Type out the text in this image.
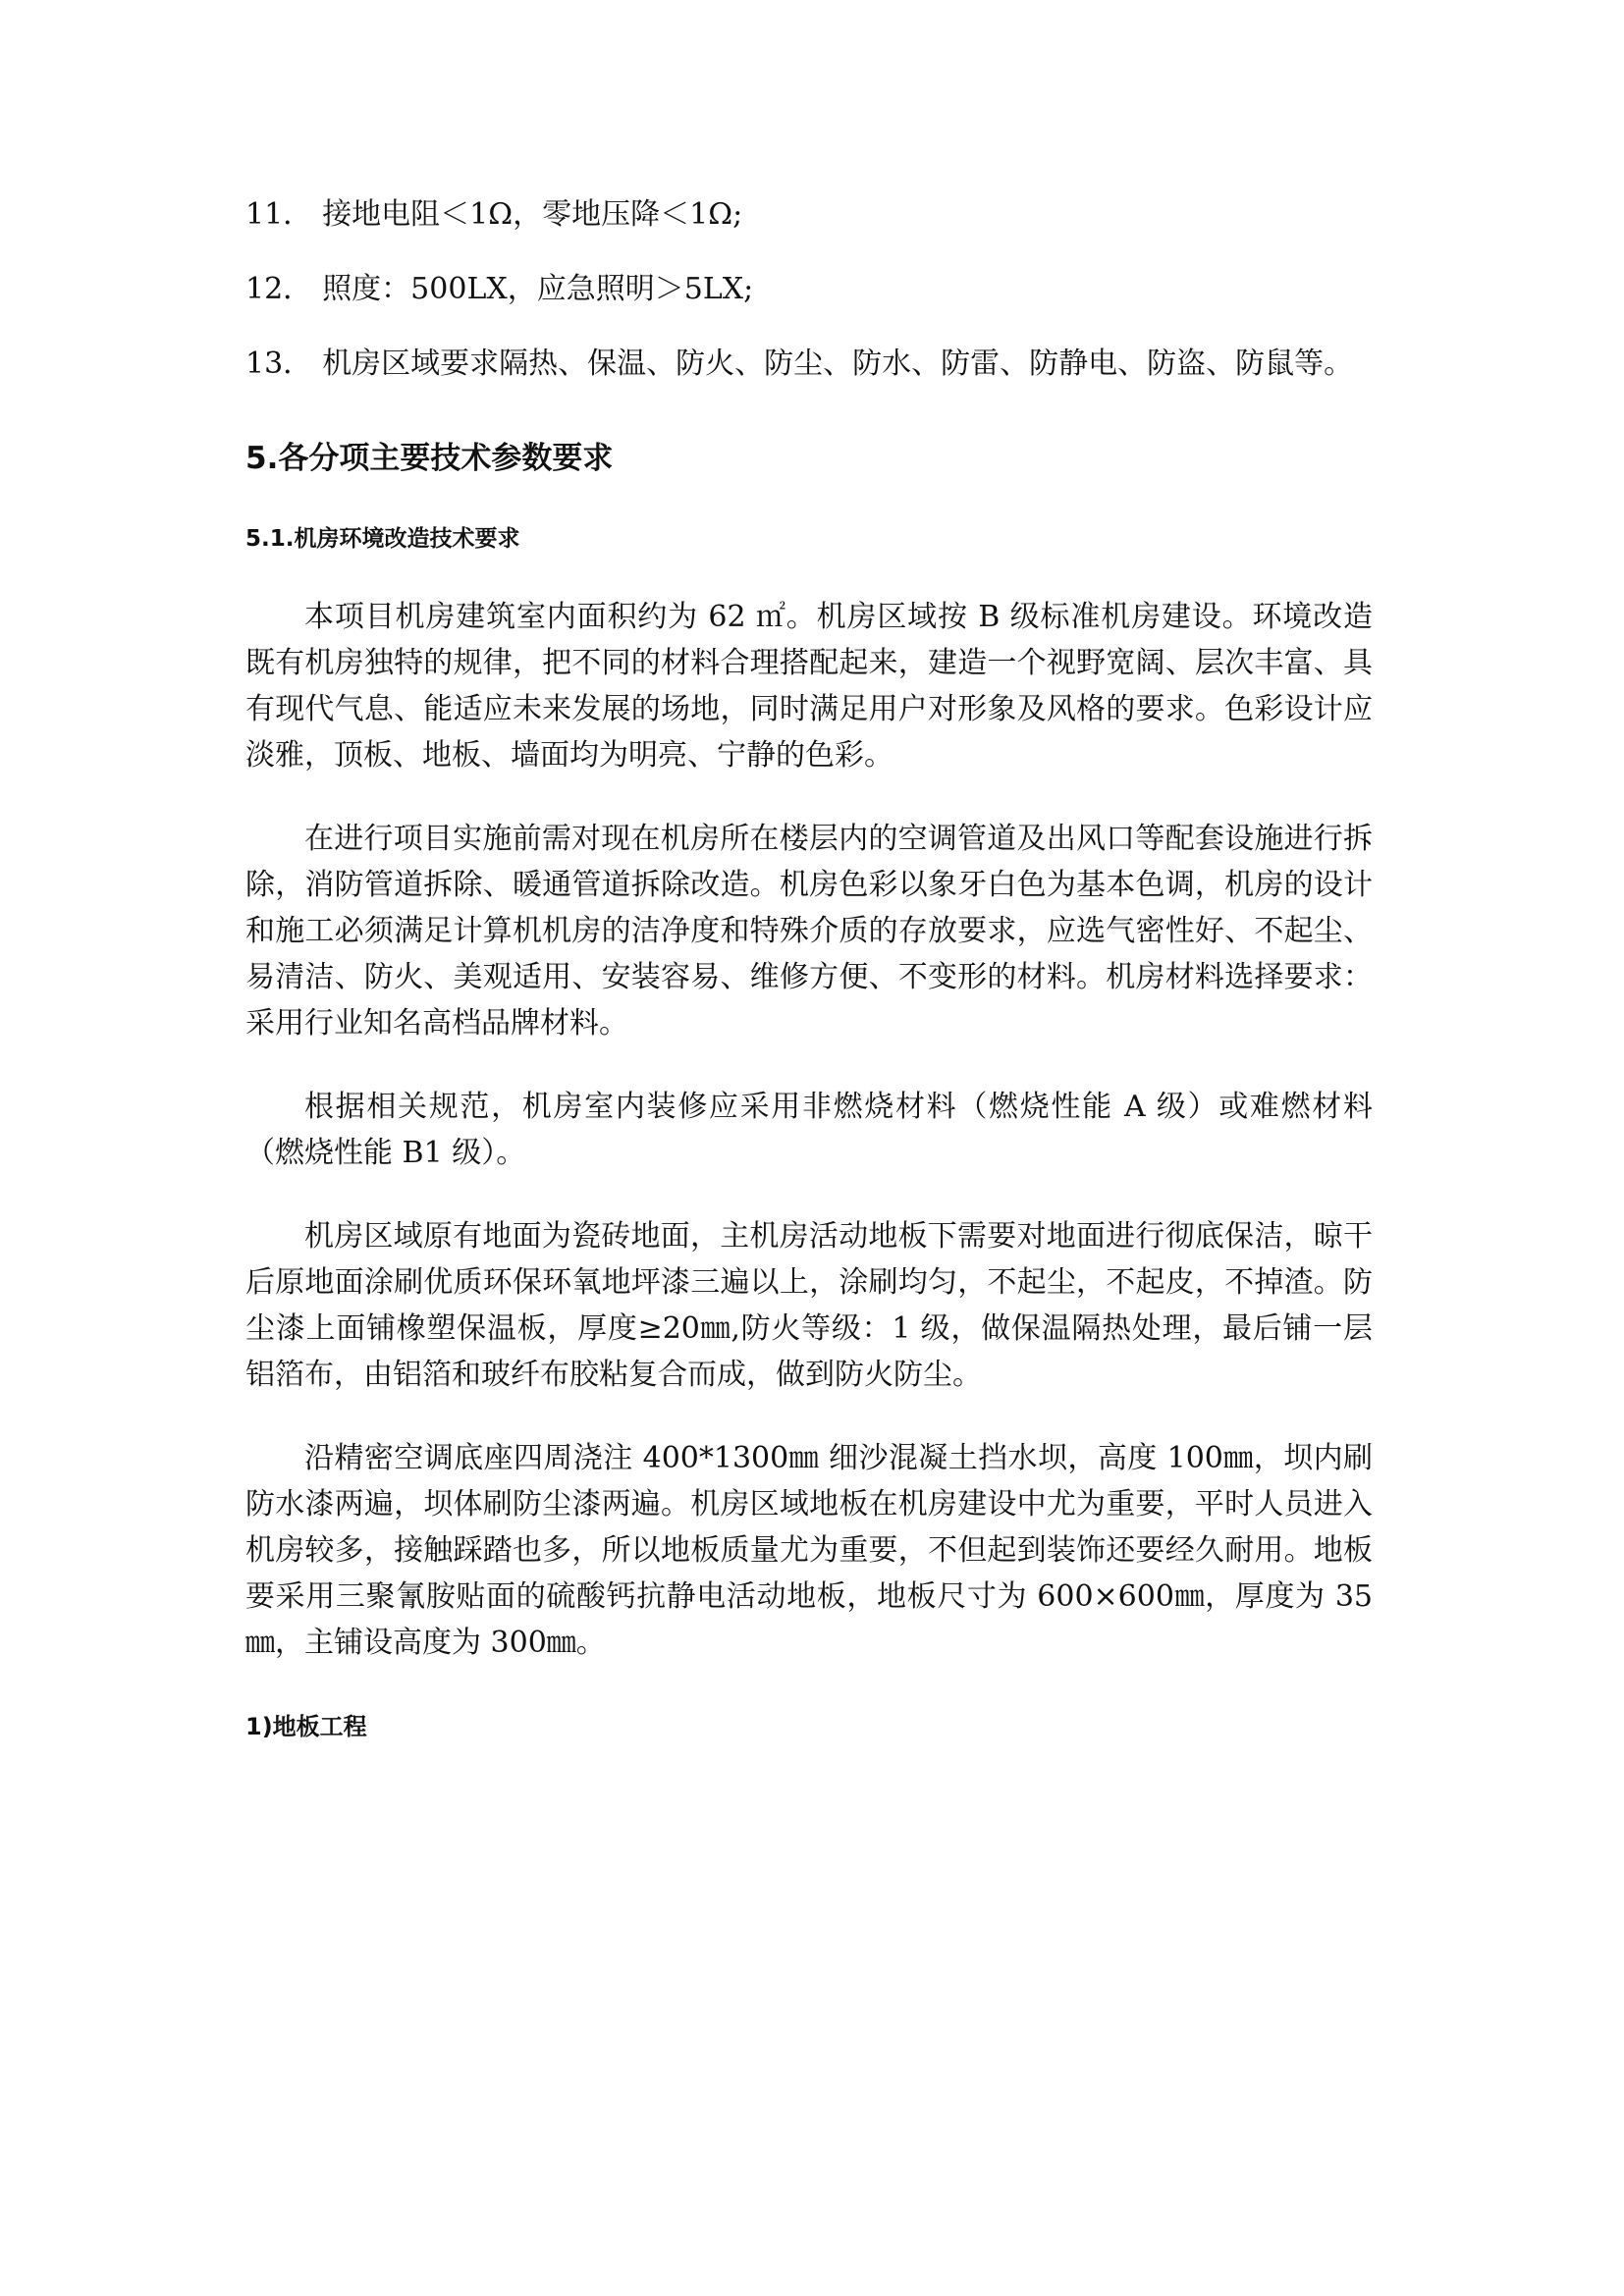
11． 接地电阻＜1Ω，零地压降＜1Ω;
12． 照度：500LX，应急照明＞5LX;
13． 机房区域要求隔热、保温、防火、防尘、防水、防雷、防静电、防盗、防鼠等。
5.各分项主要技术参数要求
5.1.机房环境改造技术要求

本项目机房建筑室内面积约为 62 ㎡。机房区域按 B 级标准机房建设。环境改造既有机房独特的规律，把不同的材料合理搭配起来，建造一个视野宽阔、层次丰富、具有现代气息、能适应未来发展的场地，同时满足用户对形象及风格的要求。色彩设计应淡雅，顶板、地板、墙面均为明亮、宁静的色彩。

在进行项目实施前需对现在机房所在楼层内的空调管道及出风口等配套设施进行拆除，消防管道拆除、暖通管道拆除改造。机房色彩以象牙白色为基本色调，机房的设计和施工必须满足计算机机房的洁净度和特殊介质的存放要求，应选气密性好、不起尘、易清洁、防火、美观适用、安装容易、维修方便、不变形的材料。机房材料选择要求：采用行业知名高档品牌材料。

根据相关规范，机房室内装修应采用非燃烧材料（燃烧性能 A 级）或难燃材料（燃烧性能 B1 级）。

机房区域原有地面为瓷砖地面，主机房活动地板下需要对地面进行彻底保洁，晾干后原地面涂刷优质环保环氧地坪漆三遍以上，涂刷均匀，不起尘，不起皮，不掉渣。防尘漆上面铺橡塑保温板，厚度≥20㎜,防火等级：1 级，做保温隔热处理，最后铺一层铝箔布，由铝箔和玻纤布胶粘复合而成，做到防火防尘。

沿精密空调底座四周浇注 400*1300㎜ 细沙混凝土挡水坝，高度 100㎜，坝内刷防水漆两遍，坝体刷防尘漆两遍。机房区域地板在机房建设中尤为重要，平时人员进入机房较多，接触踩踏也多，所以地板质量尤为重要，不但起到装饰还要经久耐用。地板要采用三聚氰胺贴面的硫酸钙抗静电活动地板，地板尺寸为 600×600㎜，厚度为 35㎜，主铺设高度为 300㎜。

1)地板工程
